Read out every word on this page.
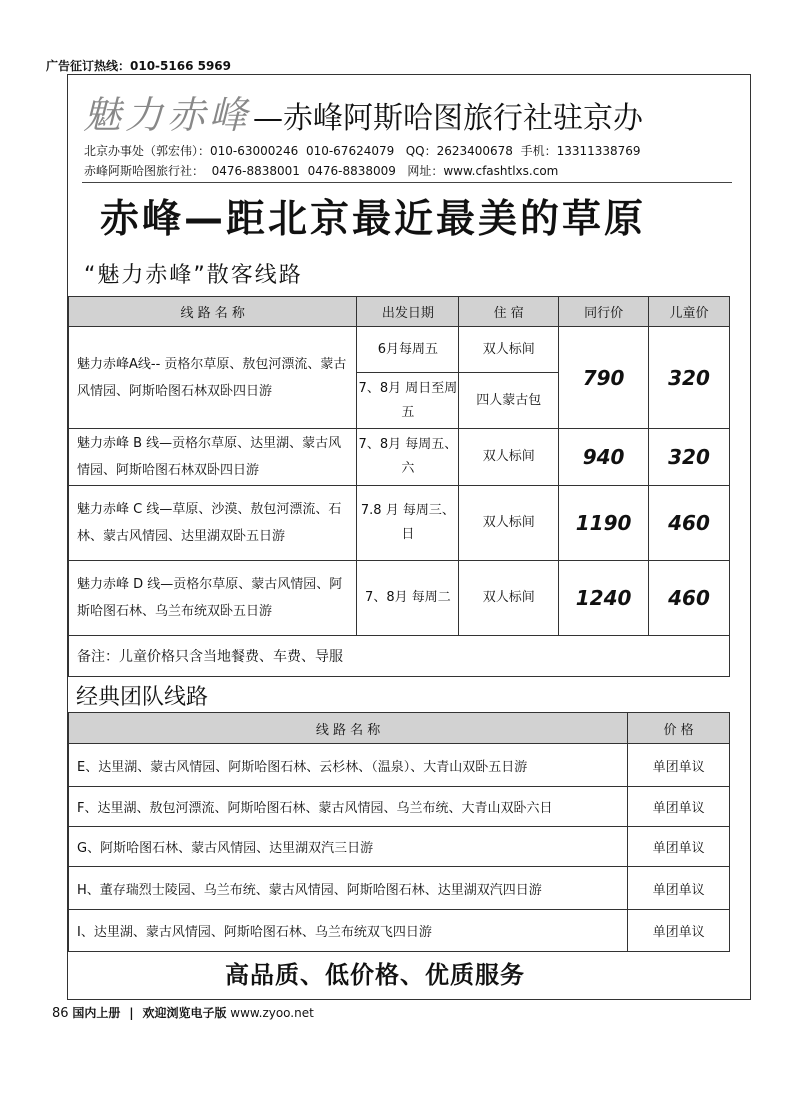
广告征订热线：010-5166 5969
魅力赤峰—赤峰阿斯哈图旅行社驻京办
北京办事处（郭宏伟）：010-63000246  010-67624079   QQ：2623400678  手机：13311338769
赤峰阿斯哈图旅行社：  0476-8838001  0476-8838009   网址：www.cfashtlxs.com
赤峰—距北京最近最美的草原
“魅力赤峰”散客线路
线 路 名 称	出发日期	住 宿	同行价	儿童价
魅力赤峰A线-- 贡格尔草原、敖包河漂流、蒙古风情园、阿斯哈图石林双卧四日游	6月每周五	双人标间	790	320
	7、8月 周日至周五	四人蒙古包		
魅力赤峰 B 线—贡格尔草原、达里湖、蒙古风情园、阿斯哈图石林双卧四日游	7、8月 每周五、六	双人标间	940	320
魅力赤峰 C 线—草原、沙漠、敖包河漂流、石林、蒙古风情园、达里湖双卧五日游	7.8 月 每周三、日	双人标间	1190	460
魅力赤峰 D 线—贡格尔草原、蒙古风情园、阿斯哈图石林、乌兰布统双卧五日游	7、8月 每周二	双人标间	1240	460
备注：儿童价格只含当地餐费、车费、导服				
经典团队线路
线 路 名 称	价 格
E、达里湖、蒙古风情园、阿斯哈图石林、云杉林、（温泉）、大青山双卧五日游	单团单议
F、达里湖、敖包河漂流、阿斯哈图石林、蒙古风情园、乌兰布统、大青山双卧六日	单团单议
G、阿斯哈图石林、蒙古风情园、达里湖双汽三日游	单团单议
H、董存瑞烈士陵园、乌兰布统、蒙古风情园、阿斯哈图石林、达里湖双汽四日游	单团单议
I、达里湖、蒙古风情园、阿斯哈图石林、乌兰布统双飞四日游	单团单议
高品质、低价格、优质服务
86 国内上册 | 欢迎浏览电子版 www.zyoo.net
